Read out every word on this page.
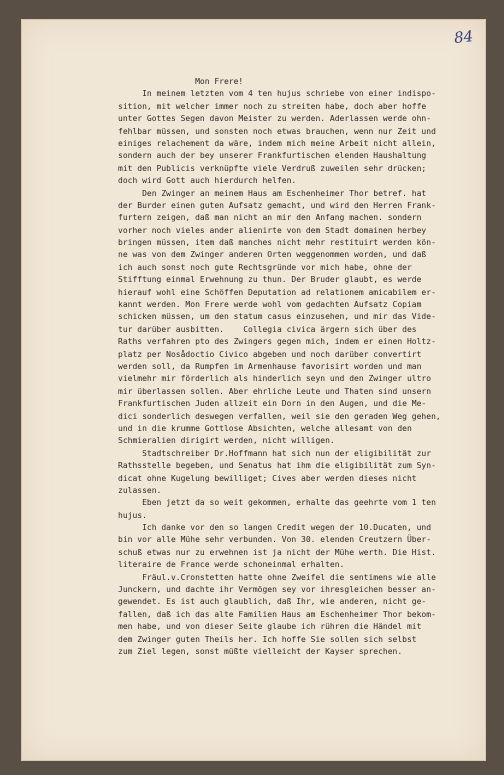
84
Mon Frere!
In meinem letzten vom 4 ten hujus schriebe von einer indispo-
sition, mit welcher immer noch zu streiten habe, doch aber hoffe
unter Gottes Segen davon Meister zu werden. Aderlassen werde ohn-
fehlbar müssen, und sonsten noch etwas brauchen, wenn nur Zeit und
einiges relachement da wäre, indem mich meine Arbeit nicht allein,
sondern auch der bey unserer Frankfurtischen elenden Haushaltung
mit den Publicis verknüpfte viele Verdruß zuweilen sehr drücken;
doch wird Gott auch hierdurch helfen.
Den Zwinger an meinem Haus am Eschenheimer Thor betref. hat
der Burder einen guten Aufsatz gemacht, und wird den Herren Frank-
furtern zeigen, daß man nicht an mir den Anfang machen. sondern
vorher noch vieles ander alienirte von dem Stadt domainen herbey
bringen müssen, item daß manches nicht mehr restituirt werden kön-
ne was von dem Zwinger anderen Orten weggenommen worden, und daß
ich auch sonst noch gute Rechtsgründe vor mich habe, ohne der
Stifftung einmal Erwehnung zu thun. Der Bruder glaubt, es werde
hierauf wohl eine Schöffen Deputation ad relationem amicabilem er-
kannt werden. Mon Frere werde wohl vom gedachten Aufsatz Copiam
schicken müssen, um den statum casus einzusehen, und mir das Vide-
tur darüber ausbitten.    Collegia civica ärgern sich über des
Raths verfahren pto des Zwingers gegen mich, indem er einen Holtz-
platz per Nosådoctio Civico abgeben und noch darüber convertirt
werden soll, da Rumpfen im Armenhause favorisirt worden und man
vielmehr mir förderlich als hinderlich seyn und den Zwinger ultro
mir überlassen sollen. Aber ehrliche Leute und Thaten sind unsern
Frankfurtischen Juden allzeit ein Dorn in den Augen, und die Me-
dici sonderlich deswegen verfallen, weil sie den geraden Weg gehen,
und in die krumme Gottlose Absichten, welche allesamt von den
Schmieralien dirigirt werden, nicht willigen.
Stadtschreiber Dr.Hoffmann hat sich nun der eligibilität zur
Rathsstelle begeben, und Senatus hat ihm die eligibilität zum Syn-
dicat ohne Kugelung bewilliget; Cives aber werden dieses nicht
zulassen.
Eben jetzt da so weit gekommen, erhalte das geehrte vom 1 ten
hujus.
Ich danke vor den so langen Credit wegen der 10.Ducaten, und
bin vor alle Mühe sehr verbunden. Von 30. elenden Creutzern Über-
schuß etwas nur zu erwehnen ist ja nicht der Mühe werth. Die Hist.
literaire de France werde schoneinmal erhalten.
Fräul.v.Cronstetten hatte ohne Zweifel die sentimens wie alle
Junckern, und dachte ihr Vermögen sey vor ihresgleichen besser an-
gewendet. Es ist auch glaublich, daß Ihr, wie anderen, nicht ge-
fallen, daß ich das alte Familien Haus am Eschenheimer Thor bekom-
men habe, und von dieser Seite glaube ich rühren die Händel mit
dem Zwinger guten Theils her. Ich hoffe Sie sollen sich selbst
zum Ziel legen, sonst müßte vielleicht der Kayser sprechen.
